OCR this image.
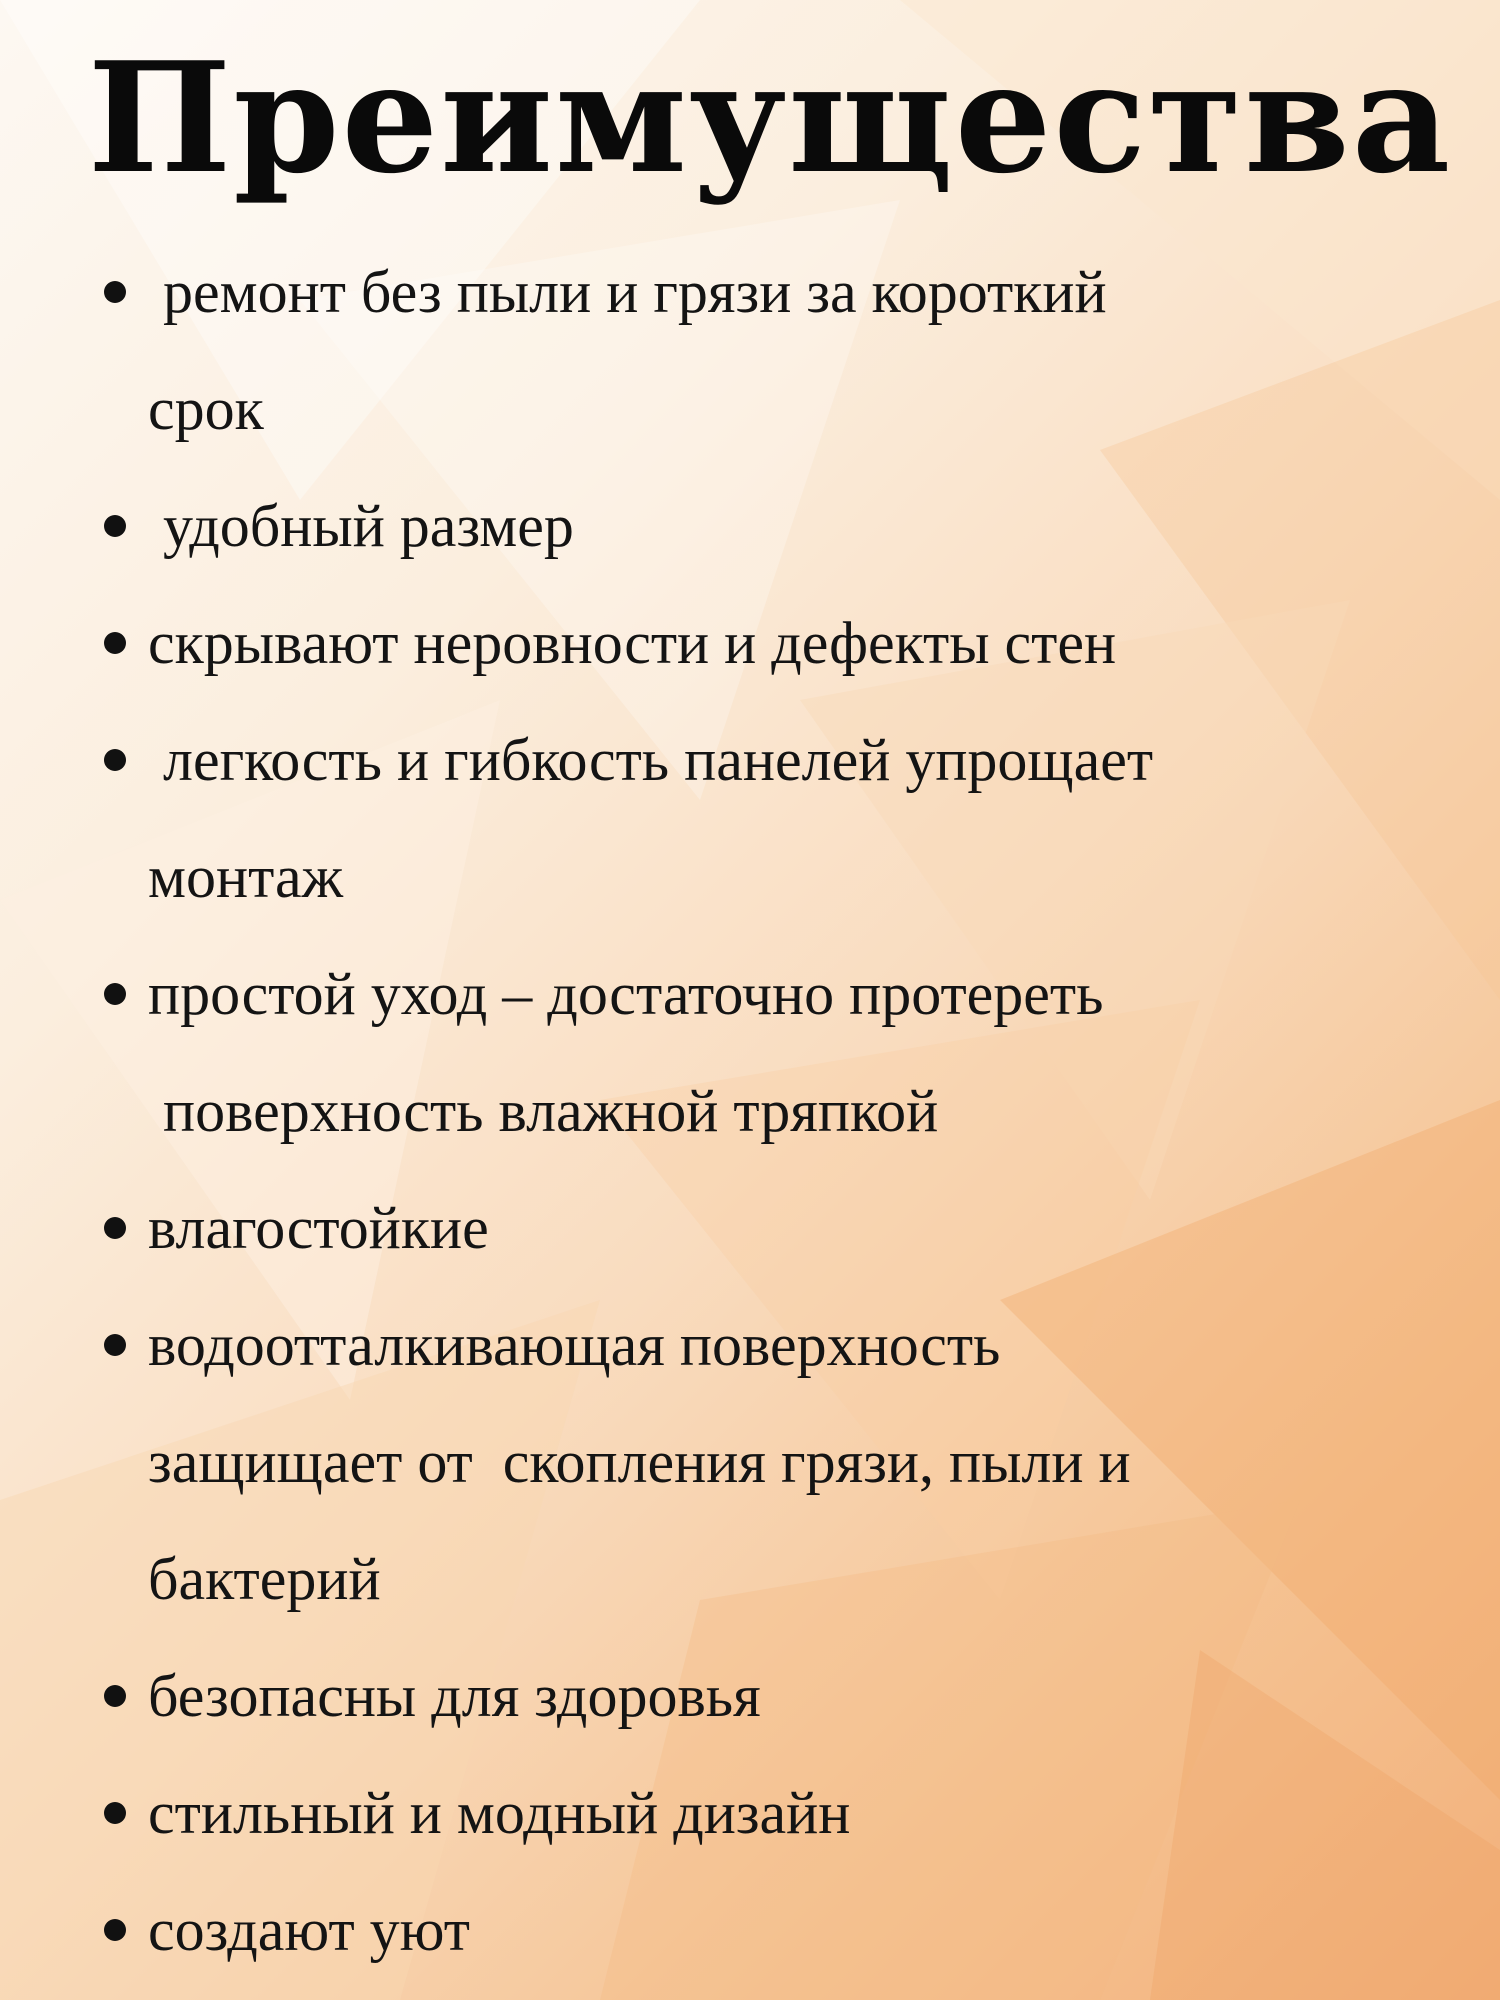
Преимущества
ремонт без пыли и грязи за короткий
срок
удобный размер
скрывают неровности и дефекты стен
легкость и гибкость панелей упрощает
монтаж
простой уход – достаточно протереть
поверхность влажной тряпкой
влагостойкие
водоотталкивающая поверхность
защищает от  скопления грязи, пыли и
бактерий
безопасны для здоровья
стильный и модный дизайн
создают уют
